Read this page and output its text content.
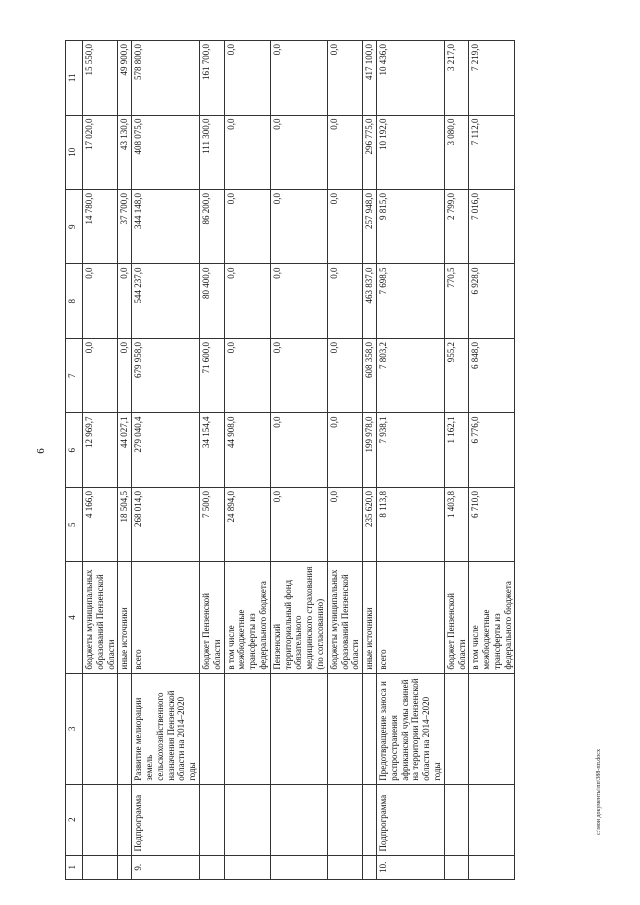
6
1	2	3	4	5	6	7	8	9	10	11
			бюджеты муниципальных образований Пензенской области	4 166,0	12 969,7	0,0	0,0	14 780,0	17 020,0	15 550,0
			иные источники	18 504,5	44 027,1	0,0	0,0	37 700,0	43 130,0	49 900,0
9.	Подпрограмма	Развитие мелиорации земель сельскохозяйственного назначения Пензенской области на 2014–2020 годы	всего	268 014,0	279 040,4	679 958,0	544 237,0	344 148,0	408 075,0	578 800,0
			бюджет Пензенской области	7 500,0	34 154,4	71 600,0	80 400,0	86 200,0	111 300,0	161 700,0
			в том числе межбюджетные трансферты из федерального бюджета	24 894,0	44 908,0	0,0	0,0	0,0	0,0	0,0
			Пензенский территориальный фонд обязательного медицинского страхования (по согласованию)	0,0	0,0	0,0	0,0	0,0	0,0	0,0
			бюджеты муниципальных образований Пензенской области	0,0	0,0	0,0	0,0	0,0	0,0	0,0
			иные источники	235 620,0	199 978,0	608 358,0	463 837,0	257 948,0	296 775,0	417 100,0
10.	Подпрограмма	Предотвращение заноса и распространения африканской чумы свиней на территории Пензенской области на 2014–2020 годы	всего	8 113,8	7 938,1	7 803,2	7 698,5	9 815,0	10 192,0	10 436,0
			бюджет Пензенской области	1 403,8	1 162,1	955,2	770,5	2 799,0	3 080,0	3 217,0
			в том числе межбюджетные трансферты из федерального бюджета	6 710,0	6 776,0	6 848,0	6 928,0	7 016,0	7 112,0	7 219,0
c:\мои документы\пп\388-пп.docx
